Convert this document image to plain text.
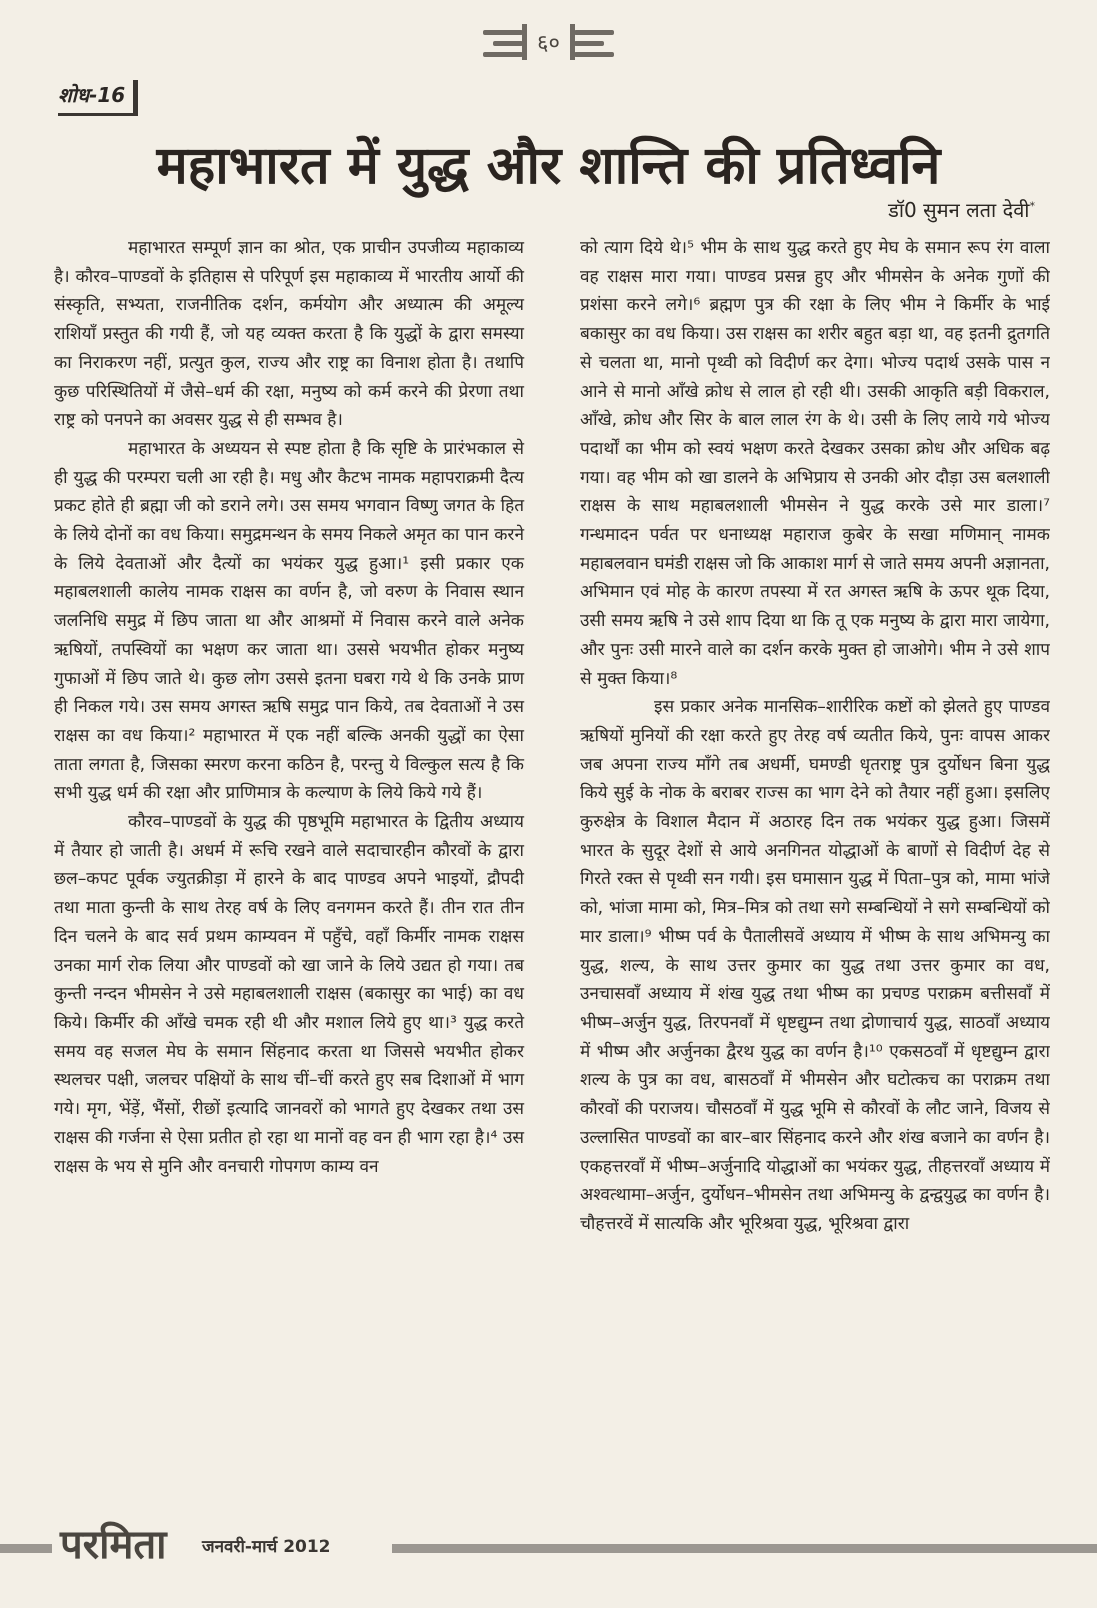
६०
शोध-16
महाभारत में युद्ध और शान्ति की प्रतिध्वनि
डॉ0 सुमन लता देवी*

महाभारत सम्पूर्ण ज्ञान का श्रोत, एक प्राचीन उपजीव्य महाकाव्य है। कौरव–पाण्डवों के इतिहास से परिपूर्ण इस महाकाव्य में भारतीय आर्यो की संस्कृति, सभ्यता, राजनीतिक दर्शन, कर्मयोग और अध्यात्म की अमूल्य राशियाँ प्रस्तुत की गयी हैं, जो यह व्यक्त करता है कि युद्धों के द्वारा समस्या का निराकरण नहीं, प्रत्युत कुल, राज्य और राष्ट्र का विनाश होता है। तथापि कुछ परिस्थितियों में जैसे–धर्म की रक्षा, मनुष्य को कर्म करने की प्रेरणा तथा राष्ट्र को पनपने का अवसर युद्ध से ही सम्भव है।

महाभारत के अध्ययन से स्पष्ट होता है कि सृष्टि के प्रारंभकाल से ही युद्ध की परम्परा चली आ रही है। मधु और कैटभ नामक महापराक्रमी दैत्य प्रकट होते ही ब्रह्मा जी को डराने लगे। उस समय भगवान विष्णु जगत के हित के लिये दोनों का वध किया। समुद्रमन्थन के समय निकले अमृत का पान करने के लिये देवताओं और दैत्यों का भयंकर युद्ध हुआ।¹ इसी प्रकार एक महाबलशाली कालेय नामक राक्षस का वर्णन है, जो वरुण के निवास स्थान जलनिधि समुद्र में छिप जाता था और आश्रमों में निवास करने वाले अनेक ऋषियों, तपस्वियों का भक्षण कर जाता था। उससे भयभीत होकर मनुष्य गुफाओं में छिप जाते थे। कुछ लोग उससे इतना घबरा गये थे कि उनके प्राण ही निकल गये। उस समय अगस्त ऋषि समुद्र पान किये, तब देवताओं ने उस राक्षस का वध किया।² महाभारत में एक नहीं बल्कि अनकी युद्धों का ऐसा ताता लगता है, जिसका स्मरण करना कठिन है, परन्तु ये विल्कुल सत्य है कि सभी युद्ध धर्म की रक्षा और प्राणिमात्र के कल्याण के लिये किये गये हैं।

कौरव–पाण्डवों के युद्ध की पृष्ठभूमि महाभारत के द्वितीय अध्याय में तैयार हो जाती है। अधर्म में रूचि रखने वाले सदाचारहीन कौरवों के द्वारा छल–कपट पूर्वक ज्युतक्रीड़ा में हारने के बाद पाण्डव अपने भाइयों, द्रौपदी तथा माता कुन्ती के साथ तेरह वर्ष के लिए वनगमन करते हैं। तीन रात तीन दिन चलने के बाद सर्व प्रथम काम्यवन में पहुँचे, वहाँ किर्मीर नामक राक्षस उनका मार्ग रोक लिया और पाण्डवों को खा जाने के लिये उद्यत हो गया। तब कुन्ती नन्दन भीमसेन ने उसे महाबलशाली राक्षस (बकासुर का भाई) का वध किये। किर्मीर की आँखे चमक रही थी और मशाल लिये हुए था।³ युद्ध करते समय वह सजल मेघ के समान सिंहनाद करता था जिससे भयभीत होकर स्थलचर पक्षी, जलचर पक्षियों के साथ चीं–चीं करते हुए सब दिशाओं में भाग गये। मृग, भेंड़ें, भैंसों, रीछों इत्यादि जानवरों को भागते हुए देखकर तथा उस राक्षस की गर्जना से ऐसा प्रतीत हो रहा था मानों वह वन ही भाग रहा है।⁴ उस राक्षस के भय से मुनि और वनचारी गोपगण काम्य वन

को त्याग दिये थे।⁵ भीम के साथ युद्ध करते हुए मेघ के समान रूप रंग वाला वह राक्षस मारा गया। पाण्डव प्रसन्न हुए और भीमसेन के अनेक गुणों की प्रशंसा करने लगे।⁶ ब्रह्मण पुत्र की रक्षा के लिए भीम ने किर्मीर के भाई बकासुर का वध किया। उस राक्षस का शरीर बहुत बड़ा था, वह इतनी द्रुतगति से चलता था, मानो पृथ्वी को विदीर्ण कर देगा। भोज्य पदार्थ उसके पास न आने से मानो आँखे क्रोध से लाल हो रही थी। उसकी आकृति बड़ी विकराल, आँखे, क्रोध और सिर के बाल लाल रंग के थे। उसी के लिए लाये गये भोज्य पदार्थों का भीम को स्वयं भक्षण करते देखकर उसका क्रोध और अधिक बढ़ गया। वह भीम को खा डालने के अभिप्राय से उनकी ओर दौड़ा उस बलशाली राक्षस के साथ महाबलशाली भीमसेन ने युद्ध करके उसे मार डाला।⁷ गन्धमादन पर्वत पर धनाध्यक्ष महाराज कुबेर के सखा मणिमान् नामक महाबलवान घमंडी राक्षस जो कि आकाश मार्ग से जाते समय अपनी अज्ञानता, अभिमान एवं मोह के कारण तपस्या में रत अगस्त ऋषि के ऊपर थूक दिया, उसी समय ऋषि ने उसे शाप दिया था कि तू एक मनुष्य के द्वारा मारा जायेगा, और पुनः उसी मारने वाले का दर्शन करके मुक्त हो जाओगे। भीम ने उसे शाप से मुक्त किया।⁸

इस प्रकार अनेक मानसिक–शारीरिक कष्टों को झेलते हुए पाण्डव ऋषियों मुनियों की रक्षा करते हुए तेरह वर्ष व्यतीत किये, पुनः वापस आकर जब अपना राज्य माँगे तब अधर्मी, घमण्डी धृतराष्ट्र पुत्र दुर्योधन बिना युद्ध किये सुई के नोक के बराबर राज्स का भाग देने को तैयार नहीं हुआ। इसलिए कुरुक्षेत्र के विशाल मैदान में अठारह दिन तक भयंकर युद्ध हुआ। जिसमें भारत के सुदूर देशों से आये अनगिनत योद्धाओं के बाणों से विदीर्ण देह से गिरते रक्त से पृथ्वी सन गयी। इस घमासान युद्ध में पिता–पुत्र को, मामा भांजे को, भांजा मामा को, मित्र–मित्र को तथा सगे सम्बन्धियों ने सगे सम्बन्धियों को मार डाला।⁹ भीष्म पर्व के पैतालीसवें अध्याय में भीष्म के साथ अभिमन्यु का युद्ध, शल्य, के साथ उत्तर कुमार का युद्ध तथा उत्तर कुमार का वध, उनचासवाँ अध्याय में शंख युद्ध तथा भीष्म का प्रचण्ड पराक्रम बत्तीसवाँ में भीष्म–अर्जुन युद्ध, तिरपनवाँ में धृष्टद्युम्न तथा द्रोणाचार्य युद्ध, साठवाँ अध्याय में भीष्म और अर्जुनका द्वैरथ युद्ध का वर्णन है।¹⁰ एकसठवाँ में धृष्टद्युम्न द्वारा शल्य के पुत्र का वध, बासठवाँ में भीमसेन और घटोत्कच का पराक्रम तथा कौरवों की पराजय। चौसठवाँ में युद्ध भूमि से कौरवों के लौट जाने, विजय से उल्लासित पाण्डवों का बार–बार सिंहनाद करने और शंख बजाने का वर्णन है। एकहत्तरवाँ में भीष्म–अर्जुनादि योद्धाओं का भयंकर युद्ध, तीहत्तरवाँ अध्याय में अश्वत्थामा–अर्जुन, दुर्योधन–भीमसेन तथा अभिमन्यु के द्वन्द्वयुद्ध का वर्णन है। चौहत्तरवें में सात्यकि और भूरिश्रवा युद्ध, भूरिश्रवा द्वारा

परमिता जनवरी-मार्च 2012
